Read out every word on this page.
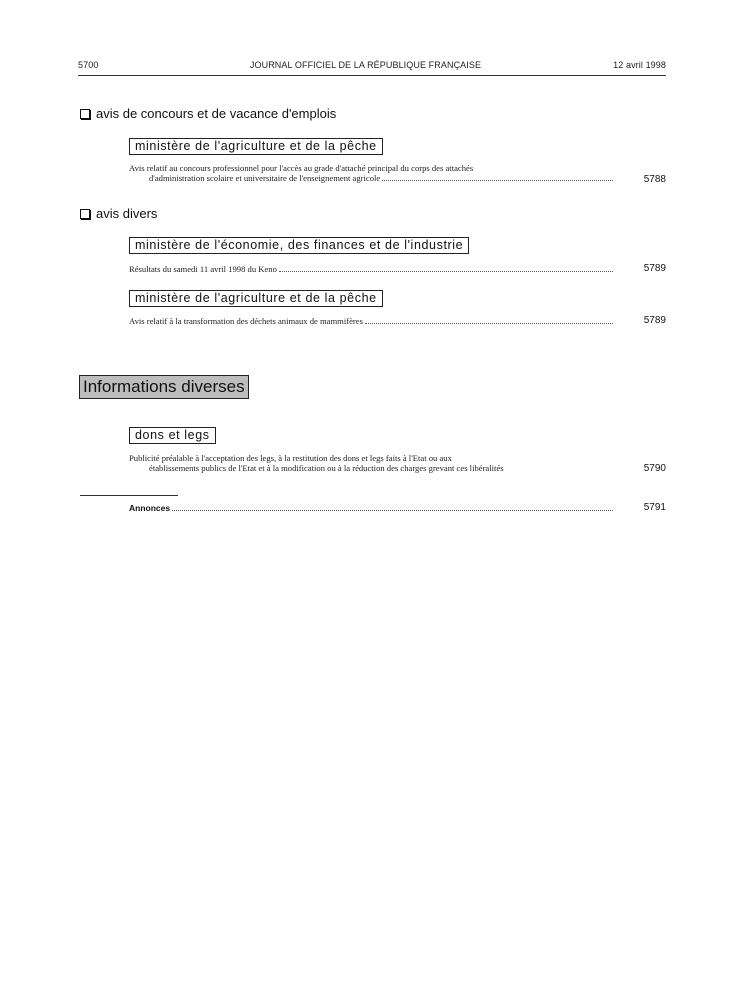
5700	JOURNAL OFFICIEL DE LA RÉPUBLIQUE FRANÇAISE	12 avril 1998
avis de concours et de vacance d'emplois
ministère de l'agriculture et de la pêche
Avis relatif au concours professionnel pour l'accès au grade d'attaché principal du corps des attachés
d'administration scolaire et universitaire de l'enseignement agricole	5788
avis divers
ministère de l'économie, des finances et de l'industrie
Résultats du samedi 11 avril 1998 du Keno	5789
ministère de l'agriculture et de la pêche
Avis relatif à la transformation des déchets animaux de mammifères	5789
Informations diverses
dons et legs
Publicité préalable à l'acceptation des legs, à la restitution des dons et legs faits à l'Etat ou aux
établissements publics de l'Etat et à la modification ou à la réduction des charges grevant ces libéralités	5790
Annonces	5791
